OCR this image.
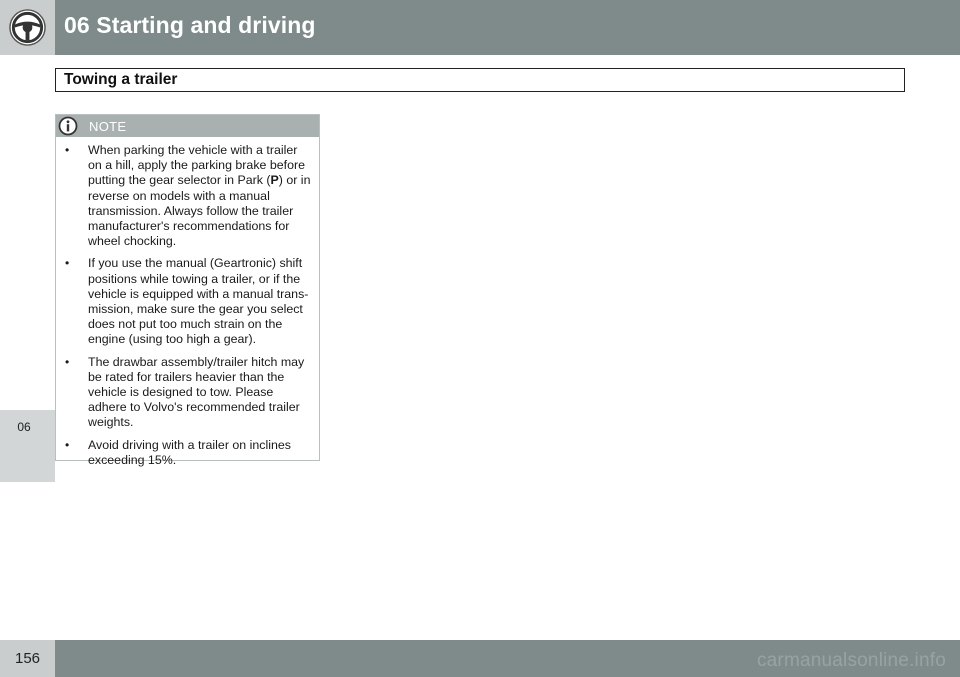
06 Starting and driving
06
Towing a trailer
NOTE
• When parking the vehicle with a trailer on a hill, apply the parking brake before putting the gear selector in Park (P) or in reverse on models with a manual transmission. Always follow the trailer manufacturer's recommendations for wheel chocking.
• If you use the manual (Geartronic) shift positions while towing a trailer, or if the vehicle is equipped with a manual trans-mission, make sure the gear you select does not put too much strain on the engine (using too high a gear).
• The drawbar assembly/trailer hitch may be rated for trailers heavier than the vehicle is designed to tow. Please adhere to Volvo's recommended trailer weights.
• Avoid driving with a trailer on inclines exceeding 15%.
156	carmanualsonline.info
